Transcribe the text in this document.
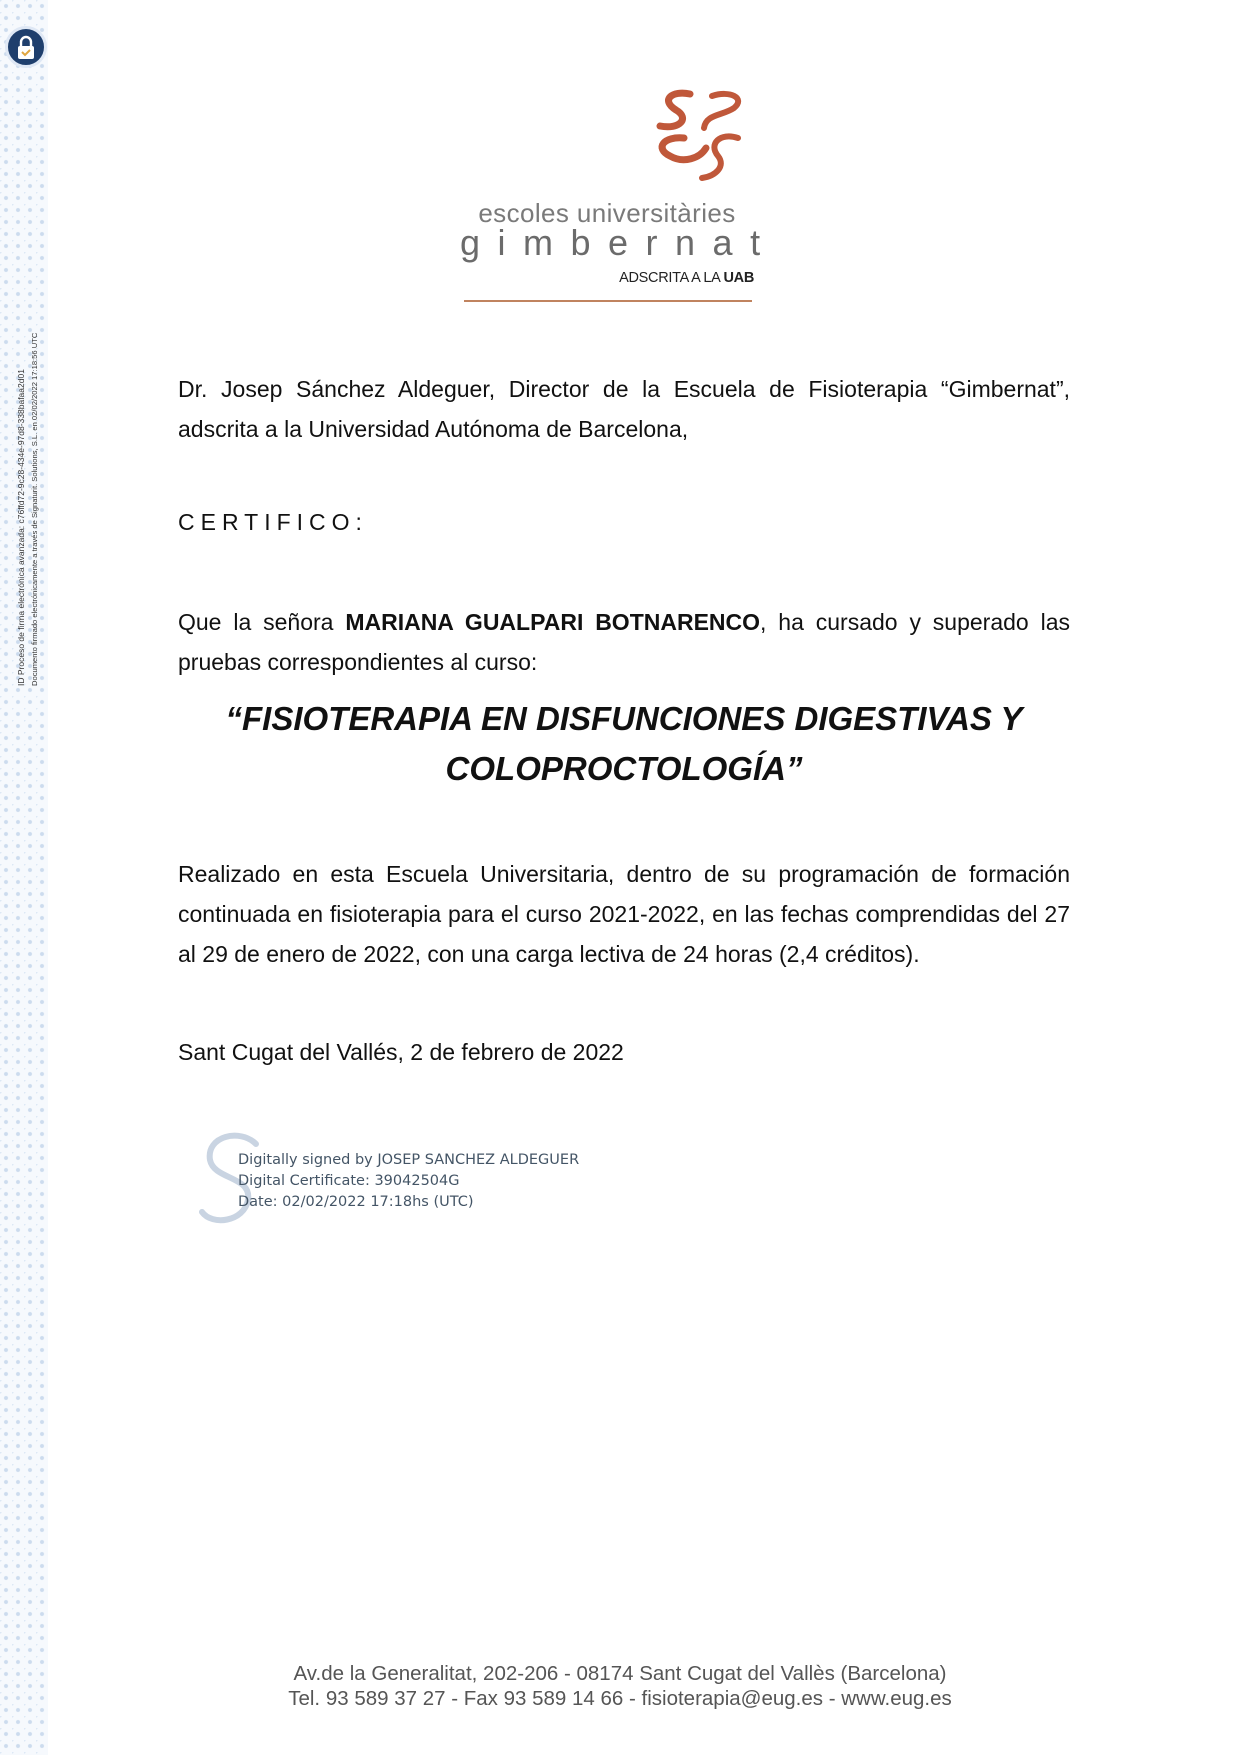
ID Proceso de firma electrónica avanzada: c76ffd72-9c28-434e-97d8-338bafaa2d01 Documento firmado electrónicamente a través de Signaturit. Solutions, S.L. en 02/02/2022 17:18:56 UTC
escoles universitàries
gimbernat
ADSCRITA A LA UAB
Dr. Josep Sánchez Aldeguer, Director de la Escuela de Fisioterapia “Gimbernat”, adscrita a la Universidad Autónoma de Barcelona,
CERTIFICO:
Que la señora MARIANA GUALPARI BOTNARENCO, ha cursado y superado las pruebas correspondientes al curso:
“FISIOTERAPIA EN DISFUNCIONES DIGESTIVAS Y COLOPROCTOLOGÍA”
Realizado en esta Escuela Universitaria, dentro de su programación de formación continuada en fisioterapia para el curso 2021-2022, en las fechas comprendidas del 27 al 29 de enero de 2022, con una carga lectiva de 24 horas (2,4 créditos).
Sant Cugat del Vallés, 2 de febrero de 2022
Digitally signed by JOSEP SANCHEZ ALDEGUER
Digital Certificate: 39042504G
Date: 02/02/2022 17:18hs (UTC)
Av.de la Generalitat, 202-206 - 08174 Sant Cugat del Vallès (Barcelona)
Tel. 93 589 37 27 - Fax 93 589 14 66 - fisioterapia@eug.es - www.eug.es
